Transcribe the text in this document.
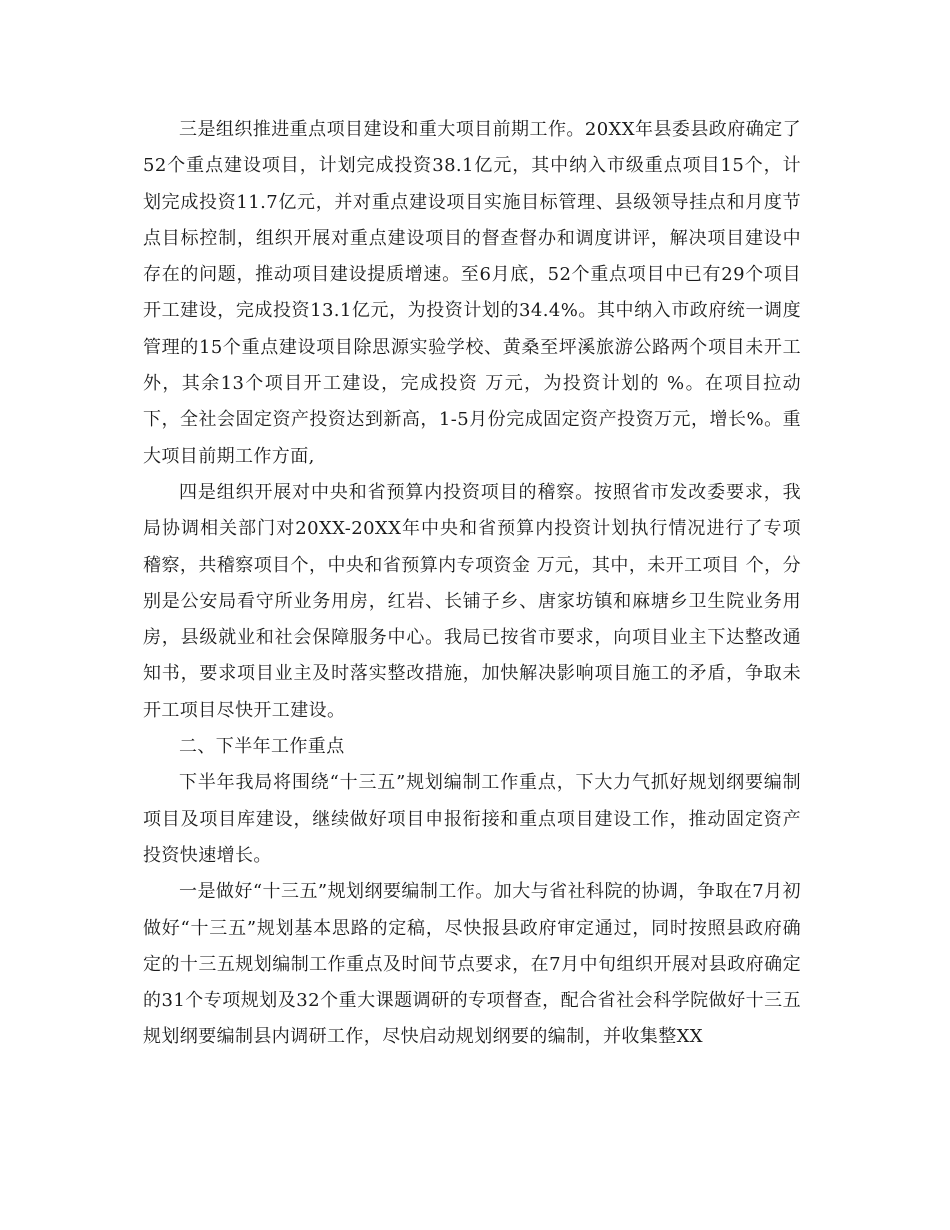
三是组织推进重点项目建设和重大项目前期工作。20XX年县委县政府确定了52个重点建设项目，计划完成投资38.1亿元，其中纳入市级重点项目15个，计划完成投资11.7亿元，并对重点建设项目实施目标管理、县级领导挂点和月度节点目标控制，组织开展对重点建设项目的督查督办和调度讲评，解决项目建设中存在的问题，推动项目建设提质增速。至6月底，52个重点项目中已有29个项目开工建设，完成投资13.1亿元，为投资计划的34.4%。其中纳入市政府统一调度管理的15个重点建设项目除思源实验学校、黄桑至坪溪旅游公路两个项目未开工外，其余13个项目开工建设，完成投资 万元，为投资计划的 %。在项目拉动下，全社会固定资产投资达到新高，1-5月份完成固定资产投资万元，增长%。重大项目前期工作方面,

四是组织开展对中央和省预算内投资项目的稽察。按照省市发改委要求，我局协调相关部门对20XX-20XX年中央和省预算内投资计划执行情况进行了专项稽察，共稽察项目个，中央和省预算内专项资金 万元，其中，未开工项目 个，分别是公安局看守所业务用房，红岩、长铺子乡、唐家坊镇和麻塘乡卫生院业务用房，县级就业和社会保障服务中心。我局已按省市要求，向项目业主下达整改通知书，要求项目业主及时落实整改措施，加快解决影响项目施工的矛盾，争取未开工项目尽快开工建设。

二、下半年工作重点

下半年我局将围绕“十三五”规划编制工作重点，下大力气抓好规划纲要编制项目及项目库建设，继续做好项目申报衔接和重点项目建设工作，推动固定资产投资快速增长。

一是做好“十三五”规划纲要编制工作。加大与省社科院的协调，争取在7月初做好“十三五”规划基本思路的定稿，尽快报县政府审定通过，同时按照县政府确定的十三五规划编制工作重点及时间节点要求，在7月中旬组织开展对县政府确定的31个专项规划及32个重大课题调研的专项督查，配合省社会科学院做好十三五规划纲要编制县内调研工作，尽快启动规划纲要的编制，并收集整XX
